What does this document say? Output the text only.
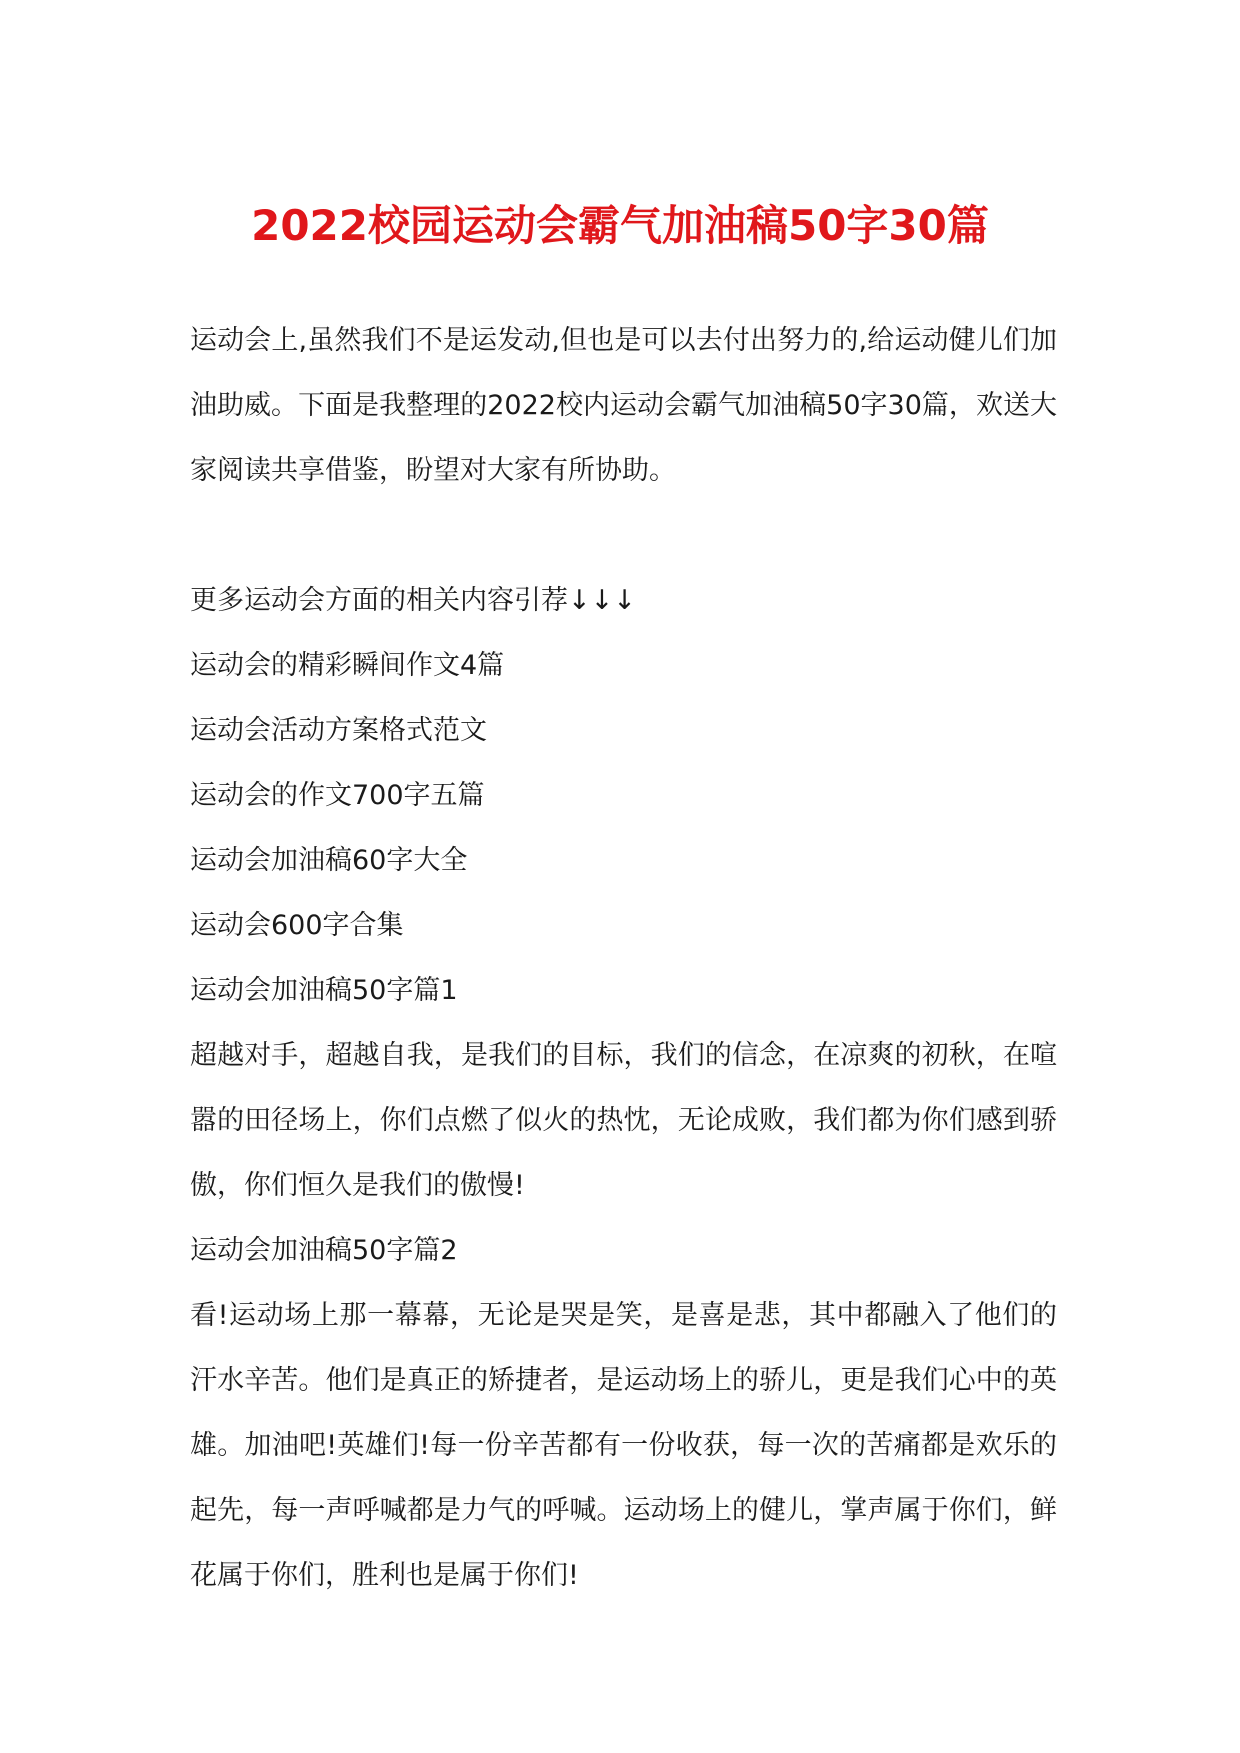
2022校园运动会霸气加油稿50字30篇

运动会上,虽然我们不是运发动,但也是可以去付出努力的,给运动健儿们加油助威。下面是我整理的2022校内运动会霸气加油稿50字30篇，欢送大家阅读共享借鉴，盼望对大家有所协助。

更多运动会方面的相关内容引荐↓↓↓

运动会的精彩瞬间作文4篇

运动会活动方案格式范文

运动会的作文700字五篇

运动会加油稿60字大全

运动会600字合集

运动会加油稿50字篇1

超越对手，超越自我，是我们的目标，我们的信念，在凉爽的初秋，在喧嚣的田径场上，你们点燃了似火的热忱，无论成败，我们都为你们感到骄傲，你们恒久是我们的傲慢!

运动会加油稿50字篇2

看!运动场上那一幕幕，无论是哭是笑，是喜是悲，其中都融入了他们的汗水辛苦。他们是真正的矫捷者，是运动场上的骄儿，更是我们心中的英雄。加油吧!英雄们!每一份辛苦都有一份收获，每一次的苦痛都是欢乐的起先，每一声呼喊都是力气的呼喊。运动场上的健儿，掌声属于你们，鲜花属于你们，胜利也是属于你们!
